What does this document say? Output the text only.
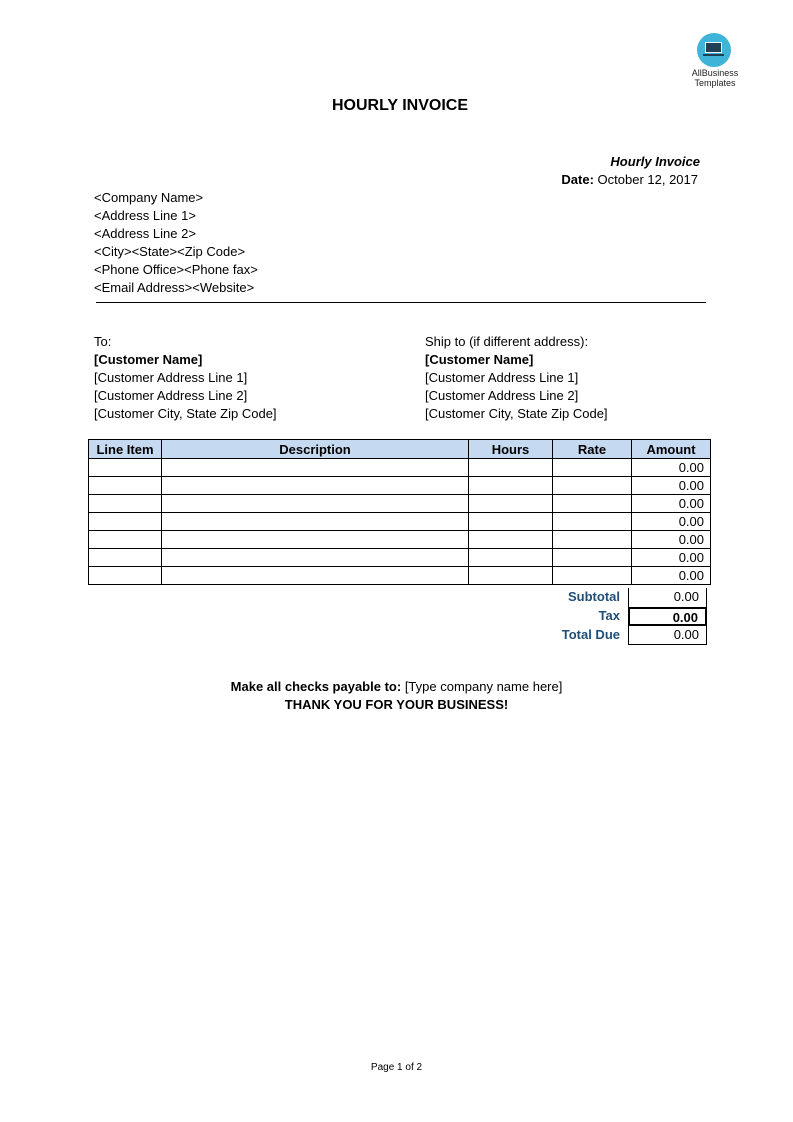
AllBusiness
Templates
HOURLY INVOICE
Hourly Invoice
Date: October 12, 2017
<Company Name>
<Address Line 1>
<Address Line 2>
<City><State><Zip Code>
<Phone Office><Phone fax>
<Email Address><Website>
To:
[Customer Name]
[Customer Address Line 1]
[Customer Address Line 2]
[Customer City, State Zip Code]
Ship to (if different address):
[Customer Name]
[Customer Address Line 1]
[Customer Address Line 2]
[Customer City, State Zip Code]
Line Item	Description	Hours	Rate	Amount
				0.00
				0.00
				0.00
				0.00
				0.00
				0.00
				0.00
Subtotal	0.00
Tax	0.00
Total Due	0.00
Make all checks payable to: [Type company name here]
THANK YOU FOR YOUR BUSINESS!
Page 1 of 2
